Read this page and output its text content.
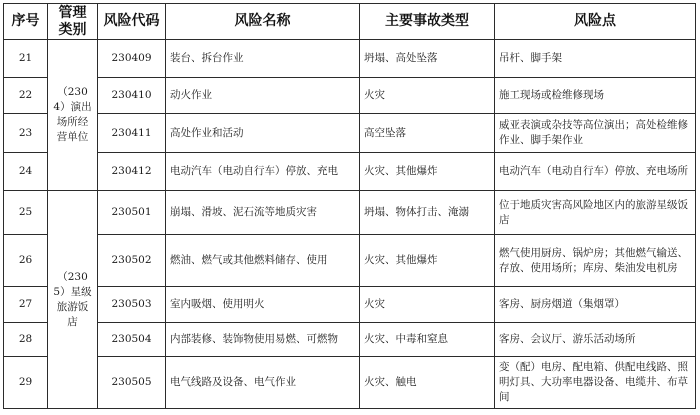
序号	管理类别	风险代码	风险名称	主要事故类型	风险点
21	（2304）演出场所经营单位	230409	装台、拆台作业	坍塌、高处坠落	吊杆、脚手架
22		230410	动火作业	火灾	施工现场或检维修现场
23		230411	高处作业和活动	高空坠落	威亚表演或杂技等高位演出；高处检维修作业、脚手架作业
24		230412	电动汽车（电动自行车）停放、充电	火灾、其他爆炸	电动汽车（电动自行车）停放、充电场所
25	（2305）星级旅游饭店	230501	崩塌、滑坡、泥石流等地质灾害	坍塌、物体打击、淹溺	位于地质灾害高风险地区内的旅游星级饭店
26		230502	燃油、燃气或其他燃料储存、使用	火灾、其他爆炸	燃气使用厨房、锅炉房；其他燃气输送、存放、使用场所；库房、柴油发电机房
27		230503	室内吸烟、使用明火	火灾	客房、厨房烟道（集烟罩）
28		230504	内部装修、装饰物使用易燃、可燃物	火灾、中毒和窒息	客房、会议厅、游乐活动场所
29		230505	电气线路及设备、电气作业	火灾、触电	变（配）电房、配电箱、供配电线路、照明灯具、大功率电器设备、电缆井、布草间
